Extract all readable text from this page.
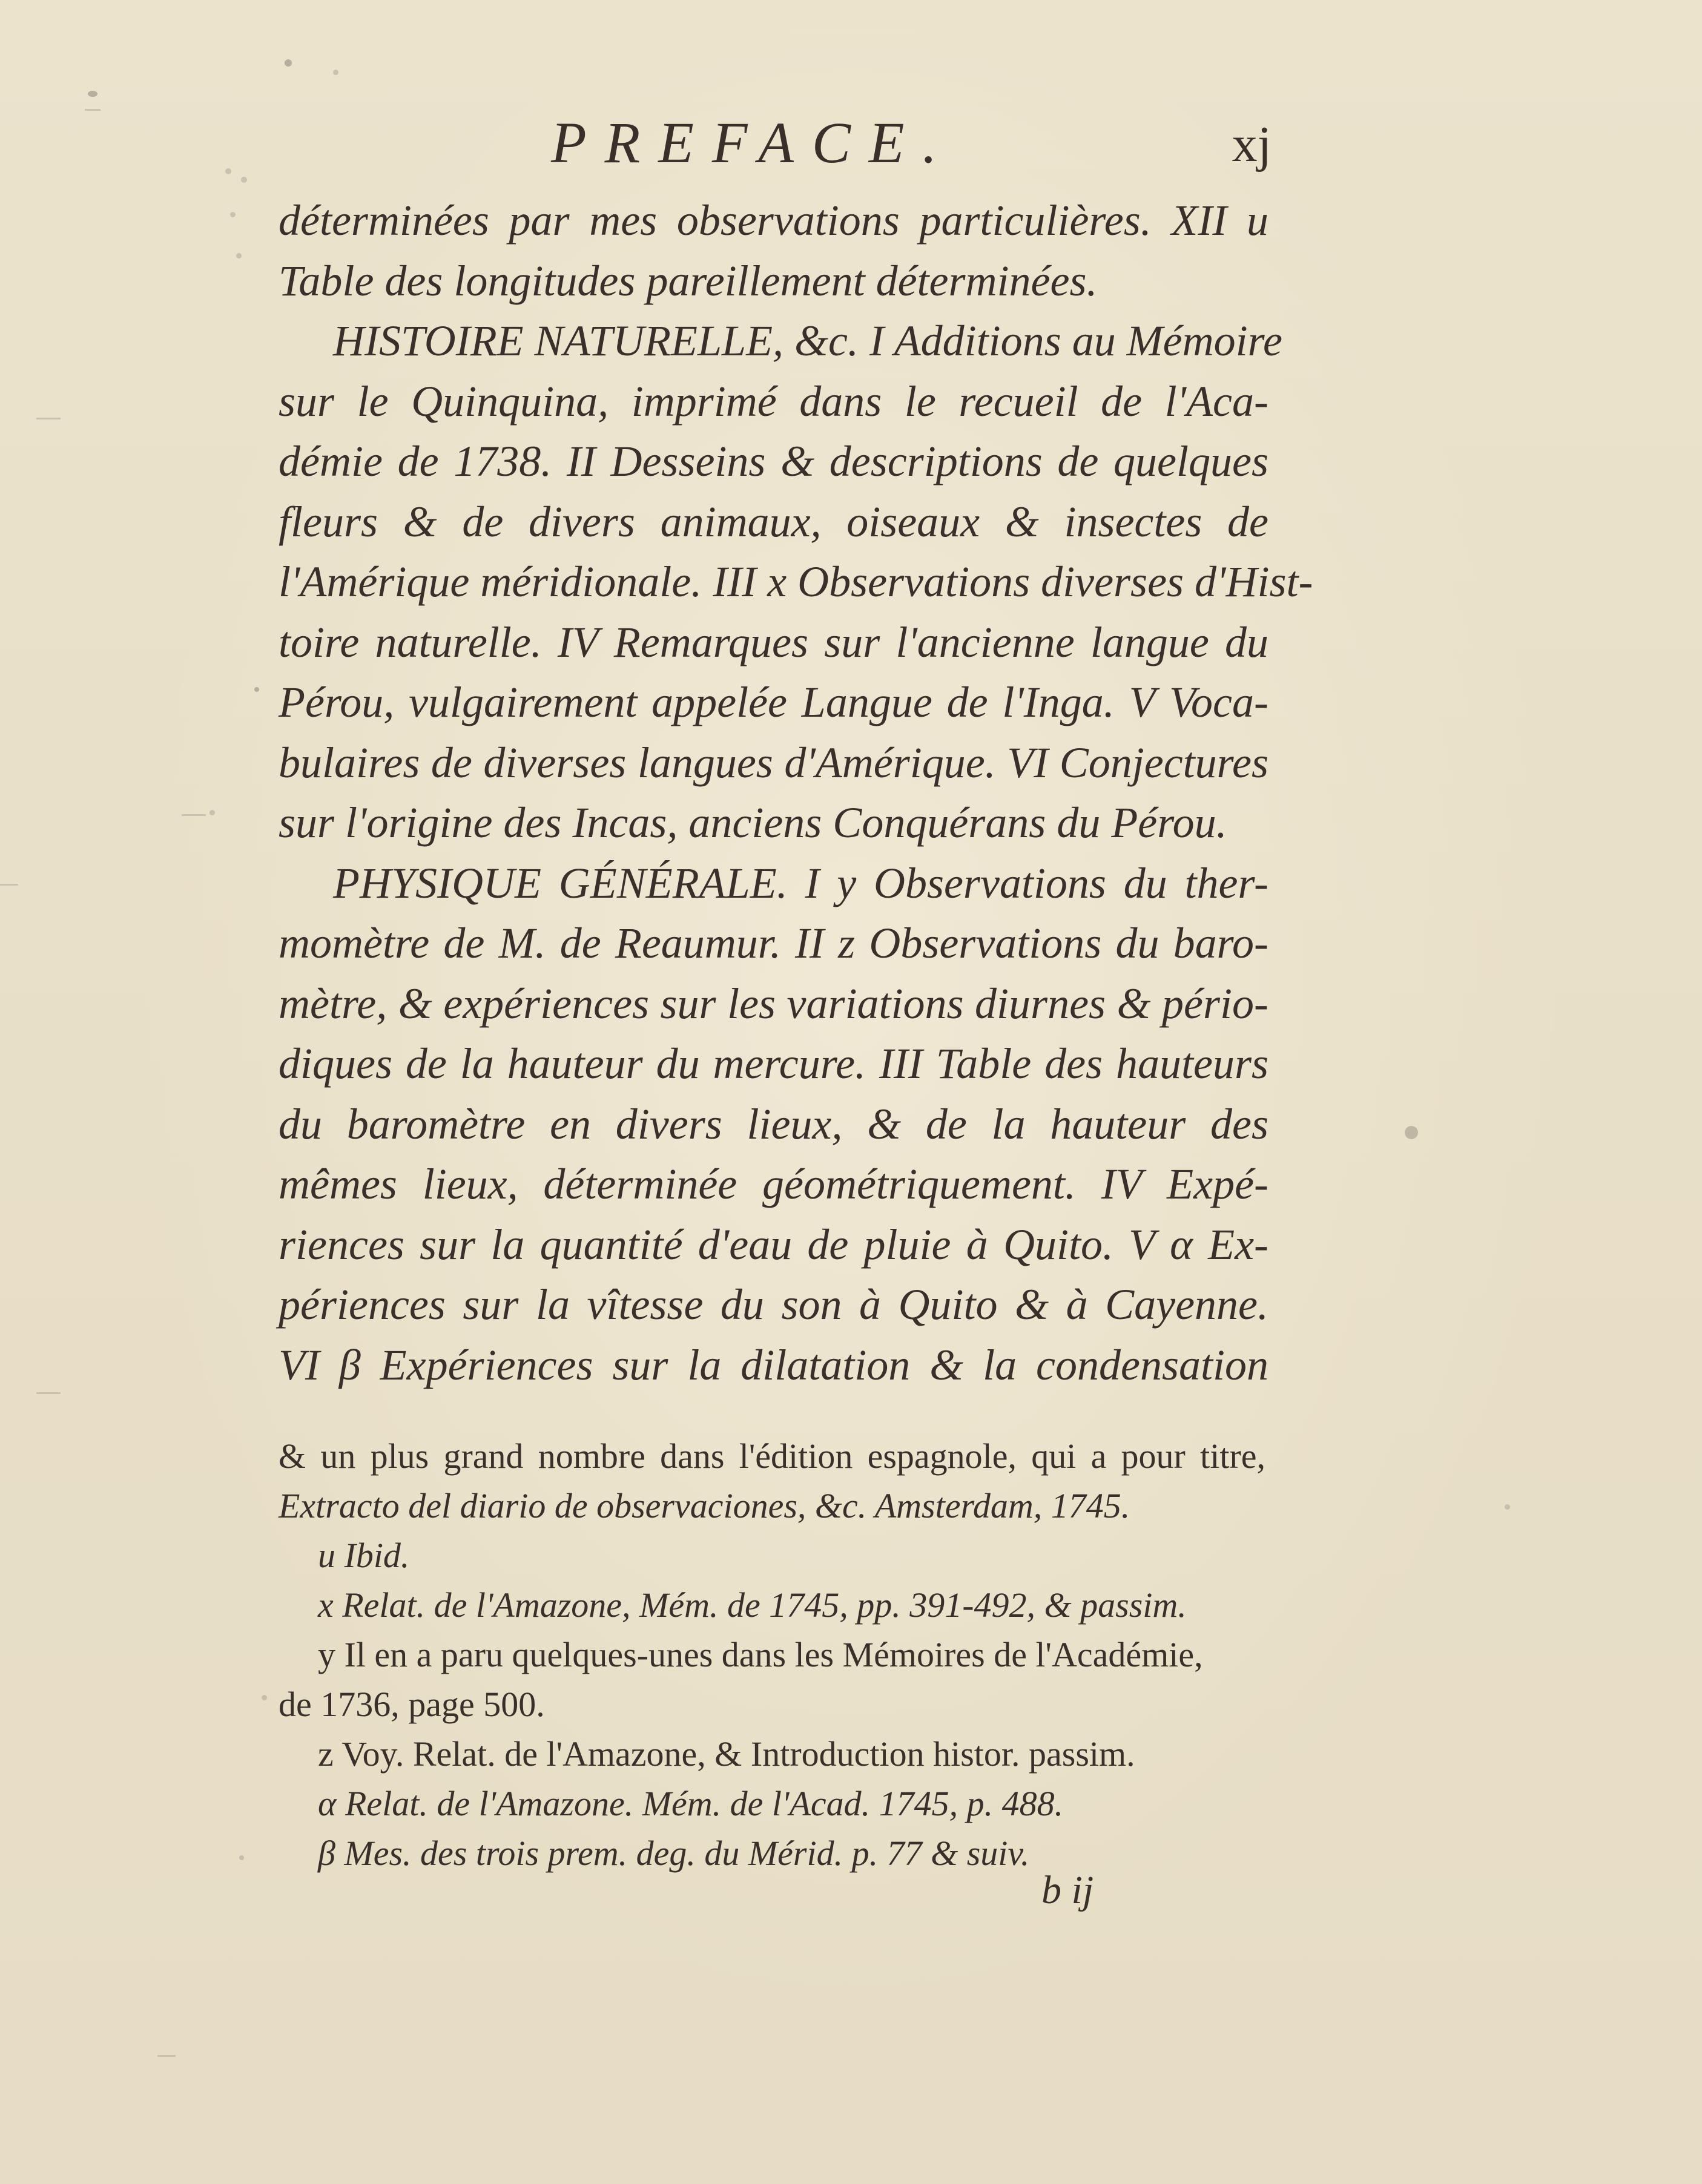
PREFACE.	xj
déterminées par mes observations particulières. XII u
Table des longitudes pareillement déterminées.
HISTOIRE NATURELLE, &c. I Additions au Mémoire
sur le Quinquina, imprimé dans le recueil de l'Aca-
démie de 1738. II Desseins & descriptions de quelques
fleurs & de divers animaux, oiseaux & insectes de
l'Amérique méridionale. III x Observations diverses d'Hist-
toire naturelle. IV Remarques sur l'ancienne langue du
Pérou, vulgairement appelée Langue de l'Inga. V Voca-
bulaires de diverses langues d'Amérique. VI Conjectures
sur l'origine des Incas, anciens Conquérans du Pérou.
PHYSIQUE GÉNÉRALE. I y Observations du ther-
momètre de M. de Reaumur. II z Observations du baro-
mètre, & expériences sur les variations diurnes & pério-
diques de la hauteur du mercure. III Table des hauteurs
du baromètre en divers lieux, & de la hauteur des
mêmes lieux, déterminée géométriquement. IV Expé-
riences sur la quantité d'eau de pluie à Quito. V α Ex-
périences sur la vîtesse du son à Quito & à Cayenne.
VI β Expériences sur la dilatation & la condensation
& un plus grand nombre dans l'édition espagnole, qui a pour titre,
Extracto del diario de observaciones, &c. Amsterdam, 1745.
u Ibid.
x Relat. de l'Amazone, Mém. de 1745, pp. 391-492, & passim.
y Il en a paru quelques-unes dans les Mémoires de l'Académie,
de 1736, page 500.
z Voy. Relat. de l'Amazone, & Introduction histor. passim.
α Relat. de l'Amazone. Mém. de l'Acad. 1745, p. 488.
β Mes. des trois prem. deg. du Mérid. p. 77 & suiv.
b ij
